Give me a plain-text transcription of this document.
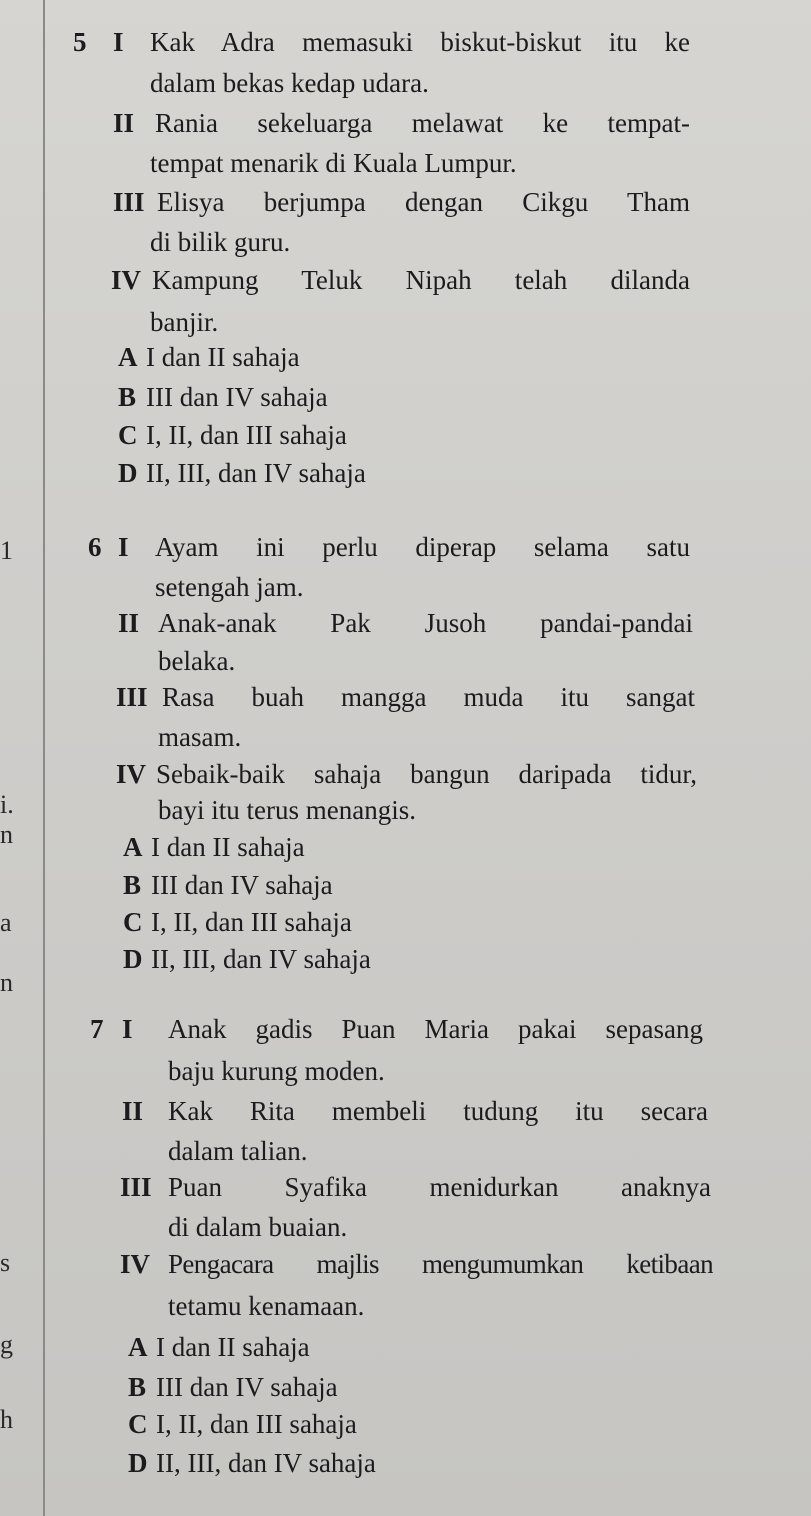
1
i.
n
a
n
s
g
h
5 I Kak Adra memasuki biskut-biskut itu ke
dalam bekas kedap udara.
II Rania sekeluarga melawat ke tempat-
tempat menarik di Kuala Lumpur.
III Elisya berjumpa dengan Cikgu Tham
di bilik guru.
IV Kampung Teluk Nipah telah dilanda
banjir.
A I dan II sahaja
B III dan IV sahaja
C I, II, dan III sahaja
D II, III, dan IV sahaja
6 I Ayam ini perlu diperap selama satu
setengah jam.
II Anak-anak Pak Jusoh pandai-pandai
belaka.
III Rasa buah mangga muda itu sangat
masam.
IV Sebaik-baik sahaja bangun daripada tidur,
bayi itu terus menangis.
A I dan II sahaja
B III dan IV sahaja
C I, II, dan III sahaja
D II, III, dan IV sahaja
7 I Anak gadis Puan Maria pakai sepasang
baju kurung moden.
II Kak Rita membeli tudung itu secara
dalam talian.
III Puan Syafika menidurkan anaknya
di dalam buaian.
IV Pengacara majlis mengumumkan ketibaan
tetamu kenamaan.
A I dan II sahaja
B III dan IV sahaja
C I, II, dan III sahaja
D II, III, dan IV sahaja
